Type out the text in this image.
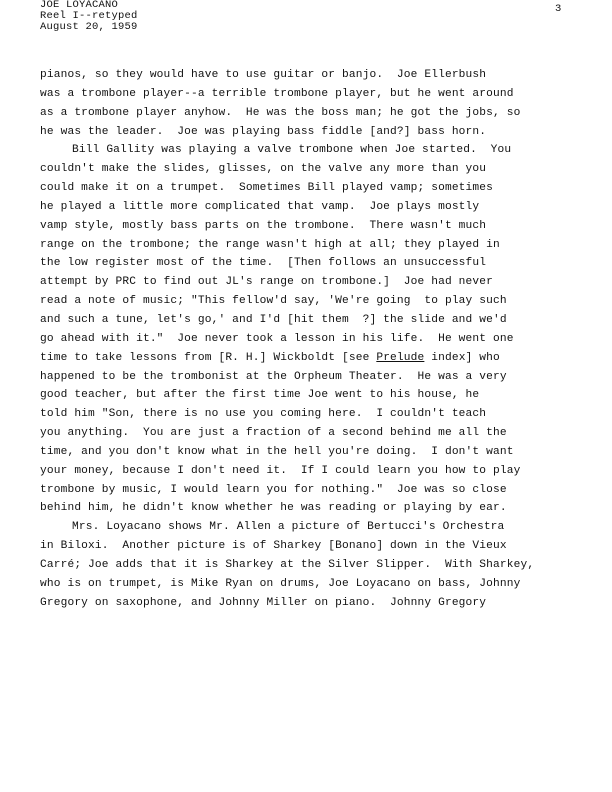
JOE LOYACANO
Reel I--retyped
August 20, 1959
3
pianos, so they would have to use guitar or banjo.  Joe Ellerbush
was a trombone player--a terrible trombone player, but he went around
as a trombone player anyhow.  He was the boss man; he got the jobs, so
he was the leader.  Joe was playing bass fiddle [and?] bass horn.
Bill Gallity was playing a valve trombone when Joe started.  You
couldn't make the slides, glisses, on the valve any more than you
could make it on a trumpet.  Sometimes Bill played vamp; sometimes
he played a little more complicated that vamp.  Joe plays mostly
vamp style, mostly bass parts on the trombone.  There wasn't much
range on the trombone; the range wasn't high at all; they played in
the low register most of the time.  [Then follows an unsuccessful
attempt by PRC to find out JL's range on trombone.]  Joe had never
read a note of music; "This fellow'd say, 'We're going  to play such
and such a tune, let's go,' and I'd [hit them  ?] the slide and we'd
go ahead with it."  Joe never took a lesson in his life.  He went one
time to take lessons from [R. H.] Wickboldt [see Prelude index] who
happened to be the trombonist at the Orpheum Theater.  He was a very
good teacher, but after the first time Joe went to his house, he
told him "Son, there is no use you coming here.  I couldn't teach
you anything.  You are just a fraction of a second behind me all the
time, and you don't know what in the hell you're doing.  I don't want
your money, because I don't need it.  If I could learn you how to play
trombone by music, I would learn you for nothing."  Joe was so close
behind him, he didn't know whether he was reading or playing by ear.
Mrs. Loyacano shows Mr. Allen a picture of Bertucci's Orchestra
in Biloxi.  Another picture is of Sharkey [Bonano] down in the Vieux
Carré; Joe adds that it is Sharkey at the Silver Slipper.  With Sharkey,
who is on trumpet, is Mike Ryan on drums, Joe Loyacano on bass, Johnny
Gregory on saxophone, and Johnny Miller on piano.  Johnny Gregory
